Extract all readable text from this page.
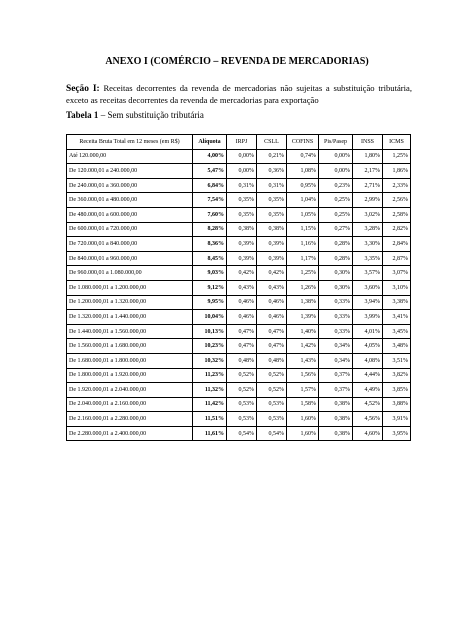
ANEXO I (COMÉRCIO – REVENDA DE MERCADORIAS)
Seção I: Receitas decorrentes da revenda de mercadorias não sujeitas a substituição tributária, exceto as receitas decorrentes da revenda de mercadorias para exportação
Tabela 1 – Sem substituição tributária
Receita Bruta Total em 12 meses (em R$)	Alíquota	IRPJ	CSLL	COFINS	Pis/Pasep	INSS	ICMS
Até 120.000,00	4,00%	0,00%	0,21%	0,74%	0,00%	1,80%	1,25%
De 120.000,01 a 240.000,00	5,47%	0,00%	0,36%	1,08%	0,00%	2,17%	1,86%
De 240.000,01 a 360.000,00	6,84%	0,31%	0,31%	0,95%	0,23%	2,71%	2,33%
De 360.000,01 a 480.000,00	7,54%	0,35%	0,35%	1,04%	0,25%	2,99%	2,56%
De 480.000,01 a 600.000,00	7,60%	0,35%	0,35%	1,05%	0,25%	3,02%	2,58%
De 600.000,01 a 720.000,00	8,28%	0,38%	0,38%	1,15%	0,27%	3,28%	2,82%
De 720.000,01 a 840.000,00	8,36%	0,39%	0,39%	1,16%	0,28%	3,30%	2,84%
De 840.000,01 a 960.000,00	8,45%	0,39%	0,39%	1,17%	0,28%	3,35%	2,87%
De 960.000,01 a 1.080.000,00	9,03%	0,42%	0,42%	1,25%	0,30%	3,57%	3,07%
De 1.080.000,01 a 1.200.000,00	9,12%	0,43%	0,43%	1,26%	0,30%	3,60%	3,10%
De 1.200.000,01 a 1.320.000,00	9,95%	0,46%	0,46%	1,38%	0,33%	3,94%	3,38%
De 1.320.000,01 a 1.440.000,00	10,04%	0,46%	0,46%	1,39%	0,33%	3,99%	3,41%
De 1.440.000,01 a 1.560.000,00	10,13%	0,47%	0,47%	1,40%	0,33%	4,01%	3,45%
De 1.560.000,01 a 1.680.000,00	10,23%	0,47%	0,47%	1,42%	0,34%	4,05%	3,48%
De 1.680.000,01 a 1.800.000,00	10,32%	0,48%	0,48%	1,43%	0,34%	4,08%	3,51%
De 1.800.000,01 a 1.920.000,00	11,23%	0,52%	0,52%	1,56%	0,37%	4,44%	3,82%
De 1.920.000,01 a 2.040.000,00	11,32%	0,52%	0,52%	1,57%	0,37%	4,49%	3,85%
De 2.040.000,01 a 2.160.000,00	11,42%	0,53%	0,53%	1,58%	0,38%	4,52%	3,88%
De 2.160.000,01 a 2.280.000,00	11,51%	0,53%	0,53%	1,60%	0,38%	4,56%	3,91%
De 2.280.000,01 a 2.400.000,00	11,61%	0,54%	0,54%	1,60%	0,38%	4,60%	3,95%
